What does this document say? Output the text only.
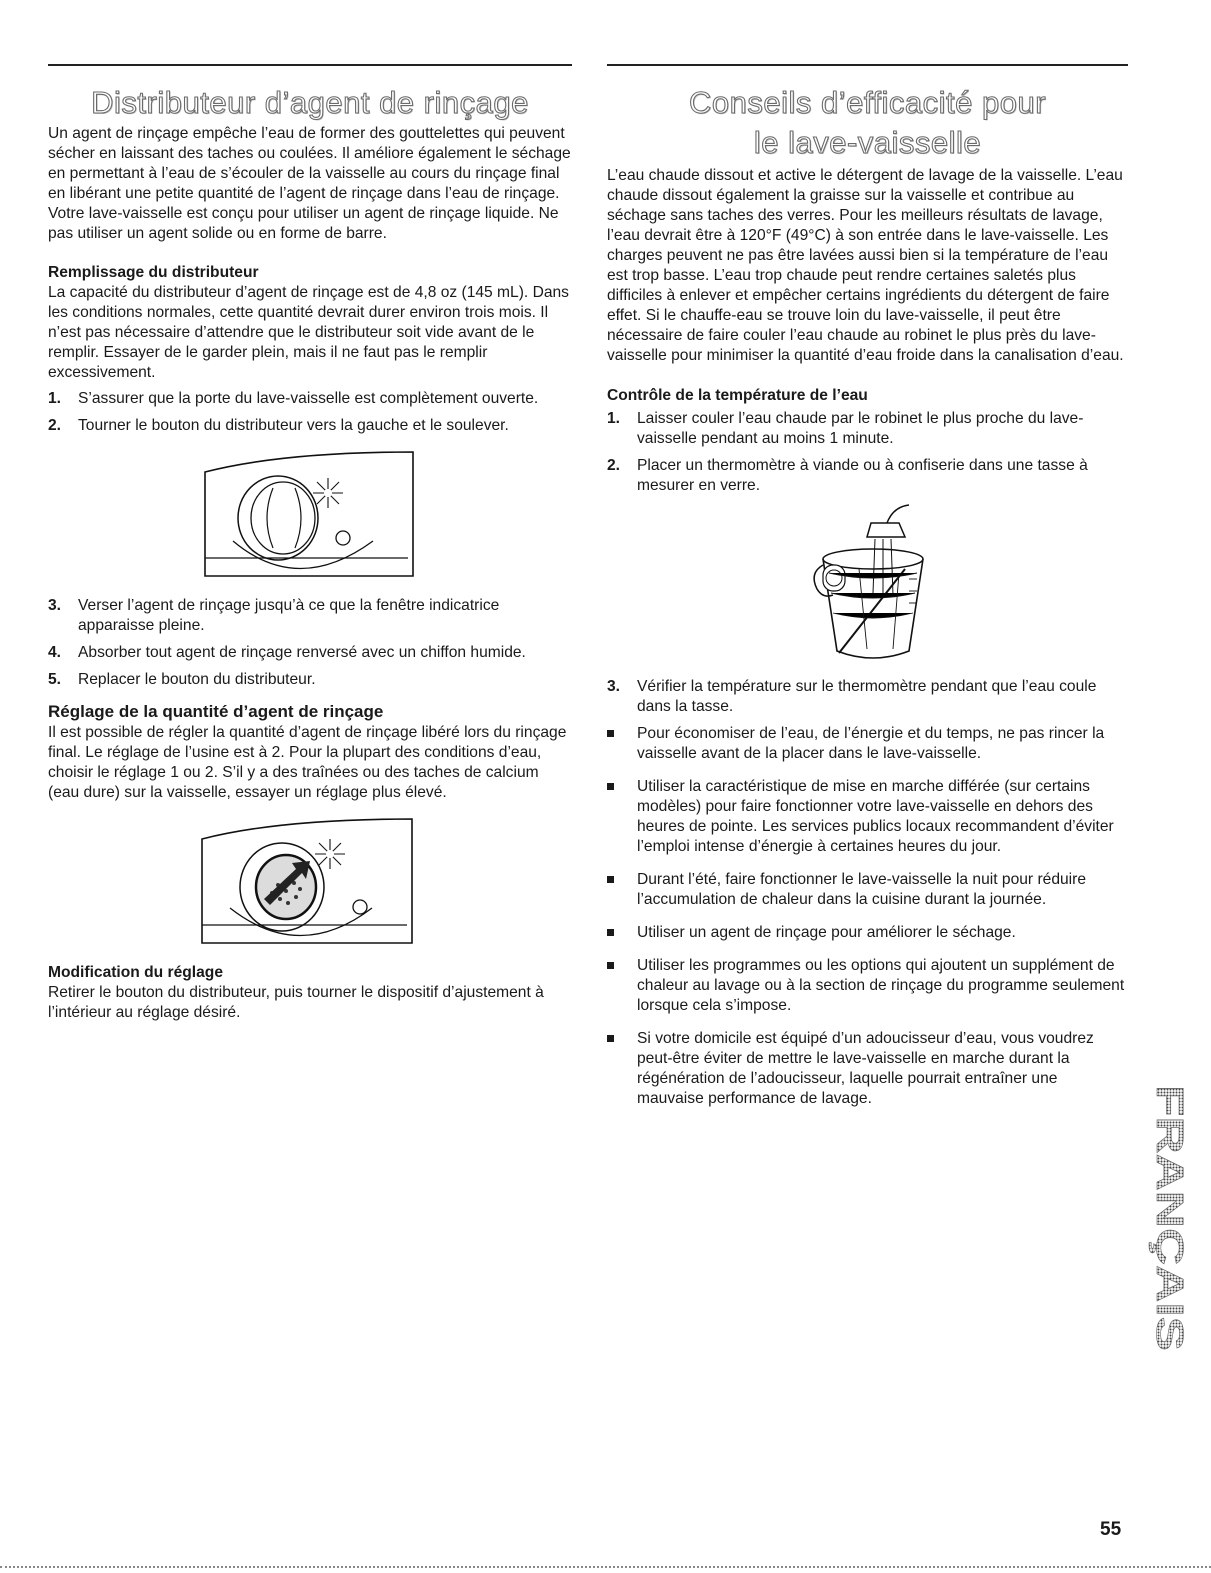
Distributeur d’agent de rinçage

Un agent de rinçage empêche l’eau de former des gouttelettes qui peuvent sécher en laissant des taches ou coulées. Il améliore également le séchage en permettant à l’eau de s’écouler de la vaisselle au cours du rinçage final en libérant une petite quantité de l’agent de rinçage dans l’eau de rinçage. Votre lave-vaisselle est conçu pour utiliser un agent de rinçage liquide. Ne pas utiliser un agent solide ou en forme de barre.

Remplissage du distributeur

La capacité du distributeur d’agent de rinçage est de 4,8 oz (145 mL). Dans les conditions normales, cette quantité devrait durer environ trois mois. Il n’est pas nécessaire d’attendre que le distributeur soit vide avant de le remplir. Essayer de le garder plein, mais il ne faut pas le remplir excessivement.

1. S’assurer que la porte du lave-vaisselle est complètement ouverte.
2. Tourner le bouton du distributeur vers la gauche et le soulever.
3. Verser l’agent de rinçage jusqu’à ce que la fenêtre indicatrice apparaisse pleine.
4. Absorber tout agent de rinçage renversé avec un chiffon humide.
5. Replacer le bouton du distributeur.
Réglage de la quantité d’agent de rinçage

Il est possible de régler la quantité d’agent de rinçage libéré lors du rinçage final. Le réglage de l’usine est à 2. Pour la plupart des conditions d’eau, choisir le réglage 1 ou 2. S’il y a des traînées ou des taches de calcium (eau dure) sur la vaisselle, essayer un réglage plus élevé.

Modification du réglage

Retirer le bouton du distributeur, puis tourner le dispositif d’ajustement à l’intérieur au réglage désiré.

Conseils d’efficacité pour
le lave-vaisselle

L’eau chaude dissout et active le détergent de lavage de la vaisselle. L’eau chaude dissout également la graisse sur la vaisselle et contribue au séchage sans taches des verres. Pour les meilleurs résultats de lavage, l’eau devrait être à 120°F (49°C) à son entrée dans le lave-vaisselle. Les charges peuvent ne pas être lavées aussi bien si la température de l’eau est trop basse. L’eau trop chaude peut rendre certaines saletés plus difficiles à enlever et empêcher certains ingrédients du détergent de faire effet. Si le chauffe-eau se trouve loin du lave-vaisselle, il peut être nécessaire de faire couler l’eau chaude au robinet le plus près du lave-vaisselle pour minimiser la quantité d’eau froide dans la canalisation d’eau.

Contrôle de la température de l’eau
1. Laisser couler l’eau chaude par le robinet le plus proche du lave-vaisselle pendant au moins 1 minute.
2. Placer un thermomètre à viande ou à confiserie dans une tasse à mesurer en verre.
3. Vérifier la température sur le thermomètre pendant que l’eau coule dans la tasse.
Pour économiser de l’eau, de l’énergie et du temps, ne pas rincer la vaisselle avant de la placer dans le lave-vaisselle.
Utiliser la caractéristique de mise en marche différée (sur certains modèles) pour faire fonctionner votre lave-vaisselle en dehors des heures de pointe. Les services publics locaux recommandent d’éviter l’emploi intense d’énergie à certaines heures du jour.
Durant l’été, faire fonctionner le lave-vaisselle la nuit pour réduire l’accumulation de chaleur dans la cuisine durant la journée.
Utiliser un agent de rinçage pour améliorer le séchage.
Utiliser les programmes ou les options qui ajoutent un supplément de chaleur au lavage ou à la section de rinçage du programme seulement lorsque cela s’impose.
Si votre domicile est équipé d’un adoucisseur d’eau, vous voudrez peut-être éviter de mettre le lave-vaisselle en marche durant la régénération de l’adoucisseur, laquelle pourrait entraîner une mauvaise performance de lavage.	FRANÇAIS
55
